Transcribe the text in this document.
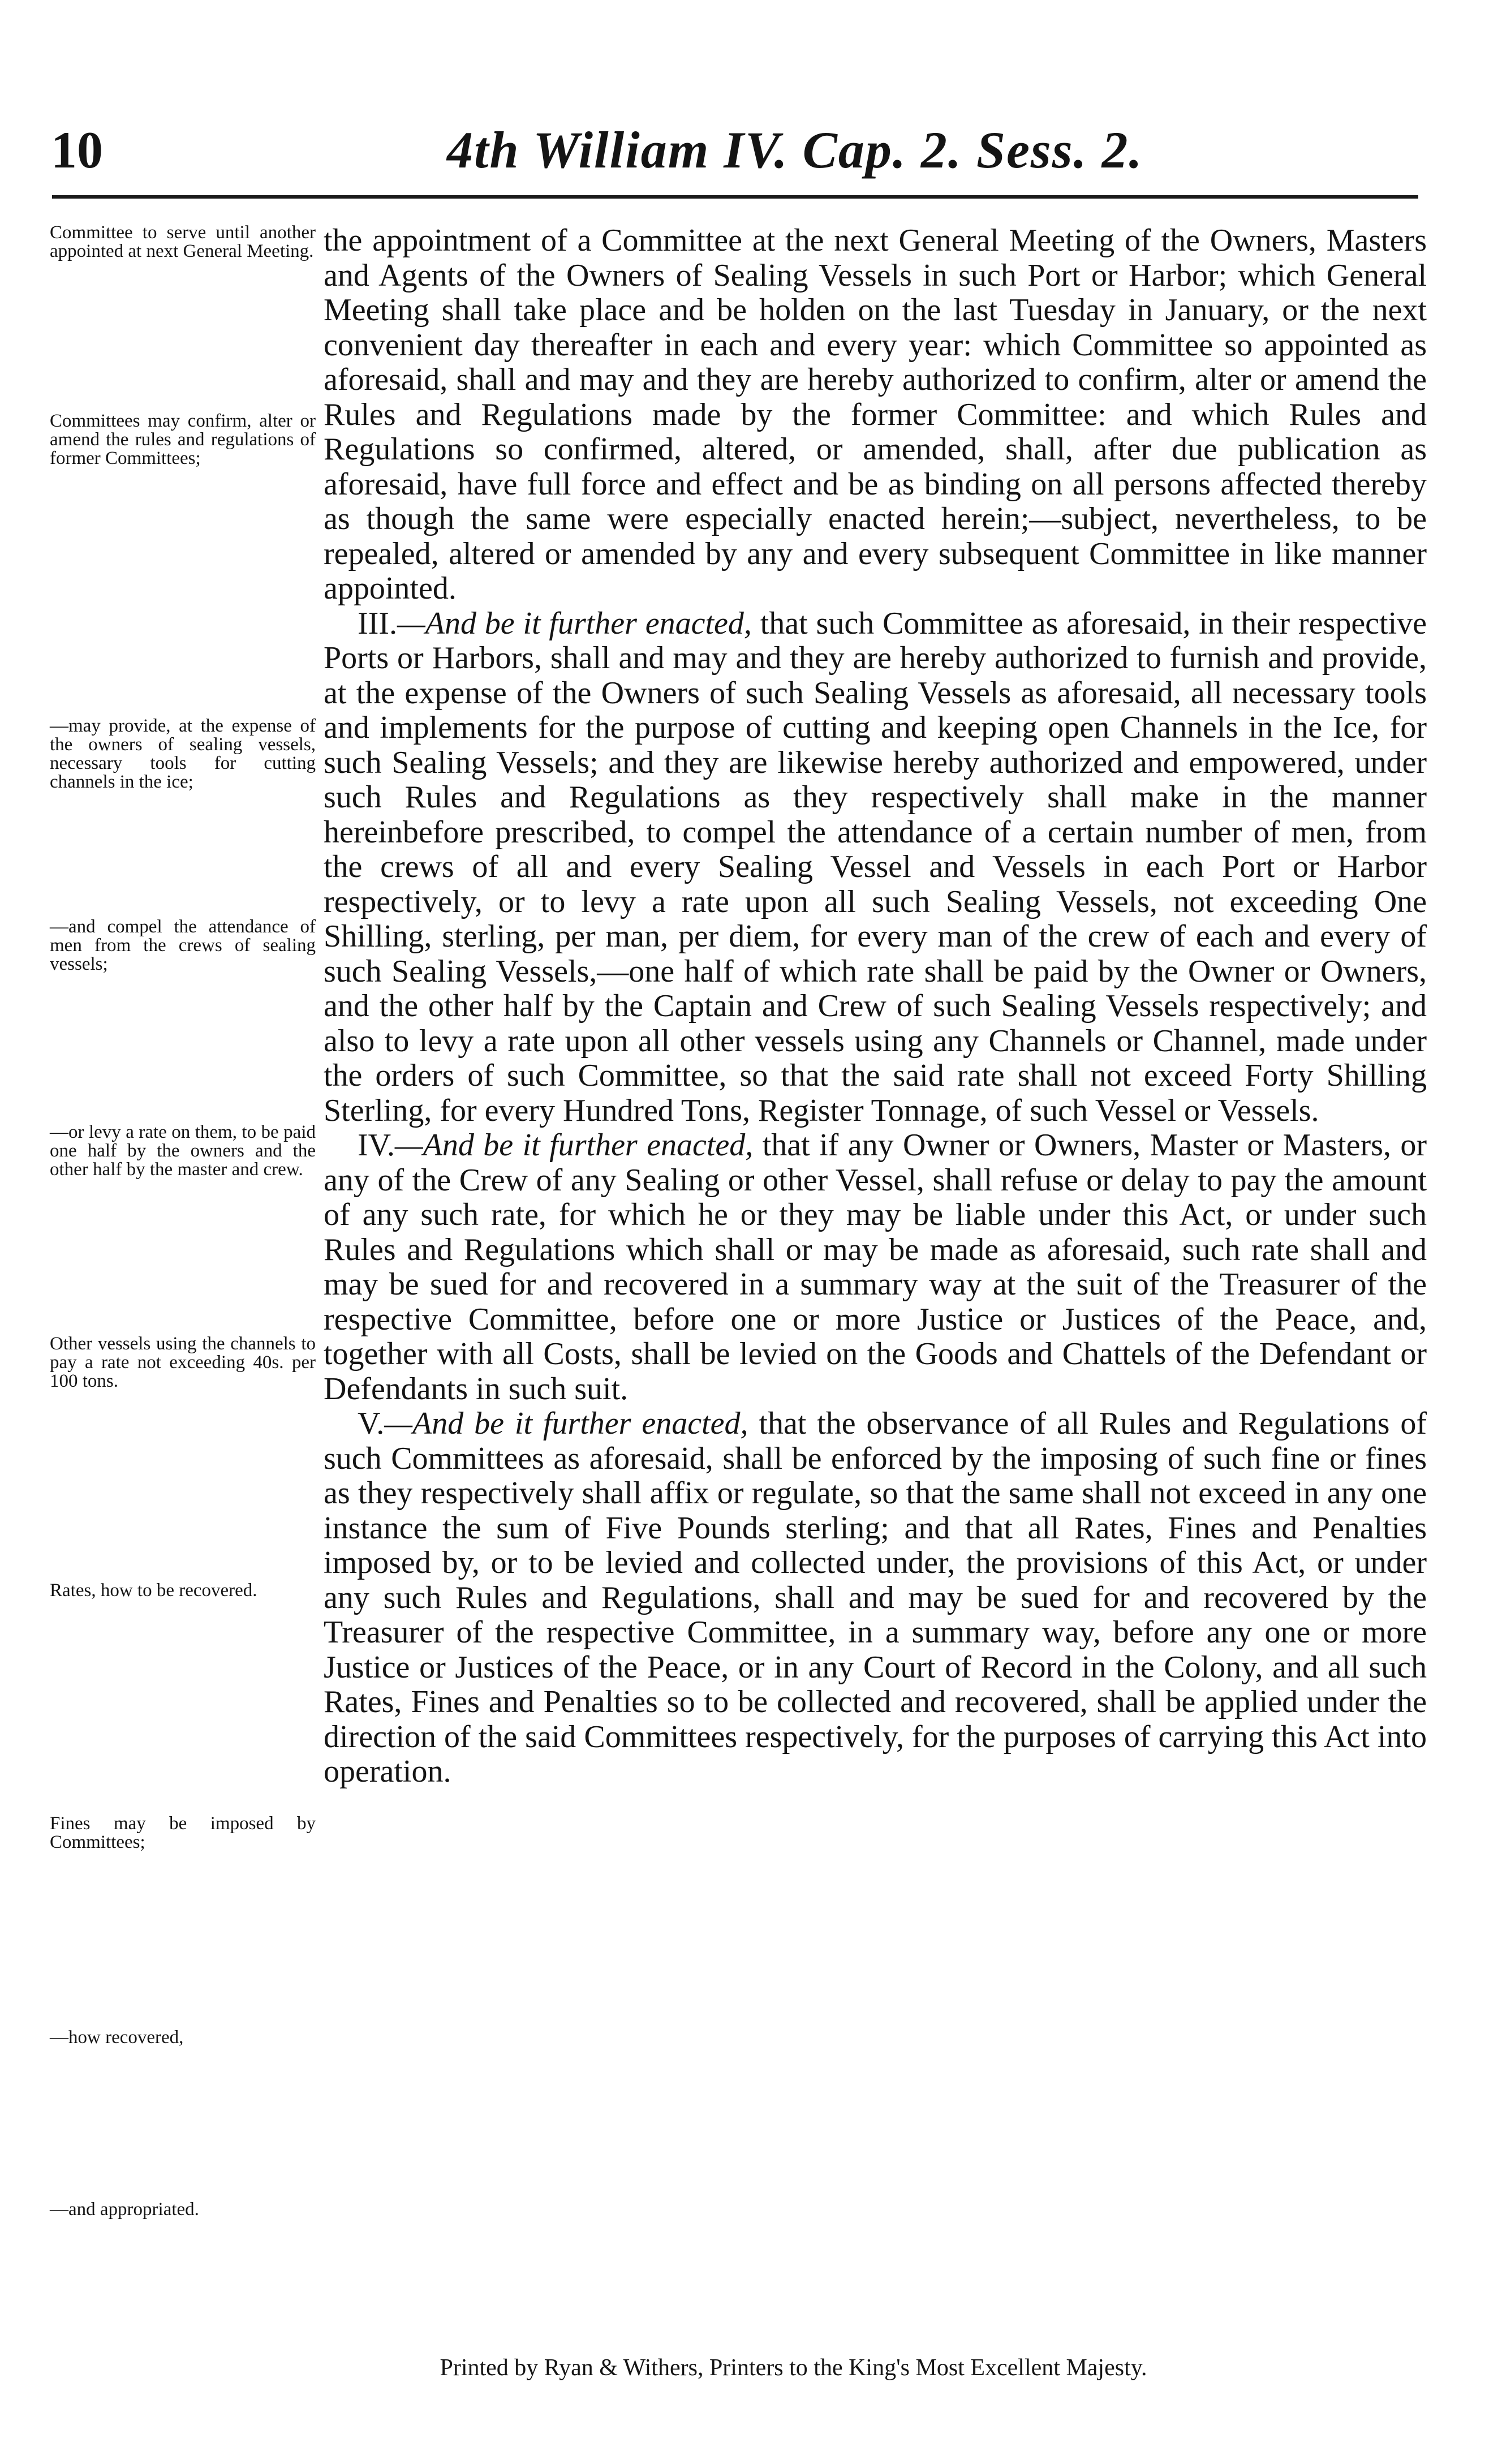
10	4th William IV. Cap. 2. Sess. 2.
Committee to serve until another appointed at next General Meeting.
Committees may confirm, alter or amend the rules and regulations of former Committees;
—may provide, at the expense of the owners of sealing vessels, necessary tools for cutting channels in the ice;
—and compel the attendance of men from the crews of sealing vessels;
—or levy a rate on them, to be paid one half by the owners and the other half by the master and crew.
Other vessels using the channels to pay a rate not exceeding 40s. per 100 tons.
Rates, how to be recovered.
Fines may be imposed by Committees;
—how recovered,
—and appropriated.

the appointment of a Committee at the next General Meeting of the Owners, Masters and Agents of the Owners of Sealing Vessels in such Port or Harbor; which General Meeting shall take place and be holden on the last Tuesday in January, or the next convenient day thereafter in each and every year: which Committee so appointed as aforesaid, shall and may and they are hereby authorized to confirm, alter or amend the Rules and Regulations made by the former Committee: and which Rules and Regulations so confirmed, altered, or amended, shall, after due publication as aforesaid, have full force and effect and be as binding on all persons affected thereby as though the same were especially enacted herein;—subject, nevertheless, to be repealed, altered or amended by any and every subsequent Committee in like manner appointed.

III.—And be it further enacted, that such Committee as aforesaid, in their respective Ports or Harbors, shall and may and they are hereby authorized to furnish and provide, at the expense of the Owners of such Sealing Vessels as aforesaid, all necessary tools and implements for the purpose of cutting and keeping open Channels in the Ice, for such Sealing Vessels; and they are likewise hereby authorized and empowered, under such Rules and Regulations as they respectively shall make in the manner hereinbefore prescribed, to compel the attendance of a certain number of men, from the crews of all and every Sealing Vessel and Vessels in each Port or Harbor respectively, or to levy a rate upon all such Sealing Vessels, not exceeding One Shilling, sterling, per man, per diem, for every man of the crew of each and every of such Sealing Vessels,—one half of which rate shall be paid by the Owner or Owners, and the other half by the Captain and Crew of such Sealing Vessels respectively; and also to levy a rate upon all other vessels using any Channels or Channel, made under the orders of such Committee, so that the said rate shall not exceed Forty Shilling Sterling, for every Hundred Tons, Register Tonnage, of such Vessel or Vessels.

IV.—And be it further enacted, that if any Owner or Owners, Master or Masters, or any of the Crew of any Sealing or other Vessel, shall refuse or delay to pay the amount of any such rate, for which he or they may be liable under this Act, or under such Rules and Regulations which shall or may be made as aforesaid, such rate shall and may be sued for and recovered in a summary way at the suit of the Treasurer of the respective Committee, before one or more Justice or Justices of the Peace, and, together with all Costs, shall be levied on the Goods and Chattels of the Defendant or Defendants in such suit.

V.—And be it further enacted, that the observance of all Rules and Regulations of such Committees as aforesaid, shall be enforced by the imposing of such fine or fines as they respectively shall affix or regulate, so that the same shall not exceed in any one instance the sum of Five Pounds sterling; and that all Rates, Fines and Penalties imposed by, or to be levied and collected under, the provisions of this Act, or under any such Rules and Regulations, shall and may be sued for and recovered by the Treasurer of the respective Committee, in a summary way, before any one or more Justice or Justices of the Peace, or in any Court of Record in the Colony, and all such Rates, Fines and Penalties so to be collected and recovered, shall be applied under the direction of the said Committees respectively, for the purposes of carrying this Act into operation.

Printed by Ryan & Withers, Printers to the King's Most Excellent Majesty.
